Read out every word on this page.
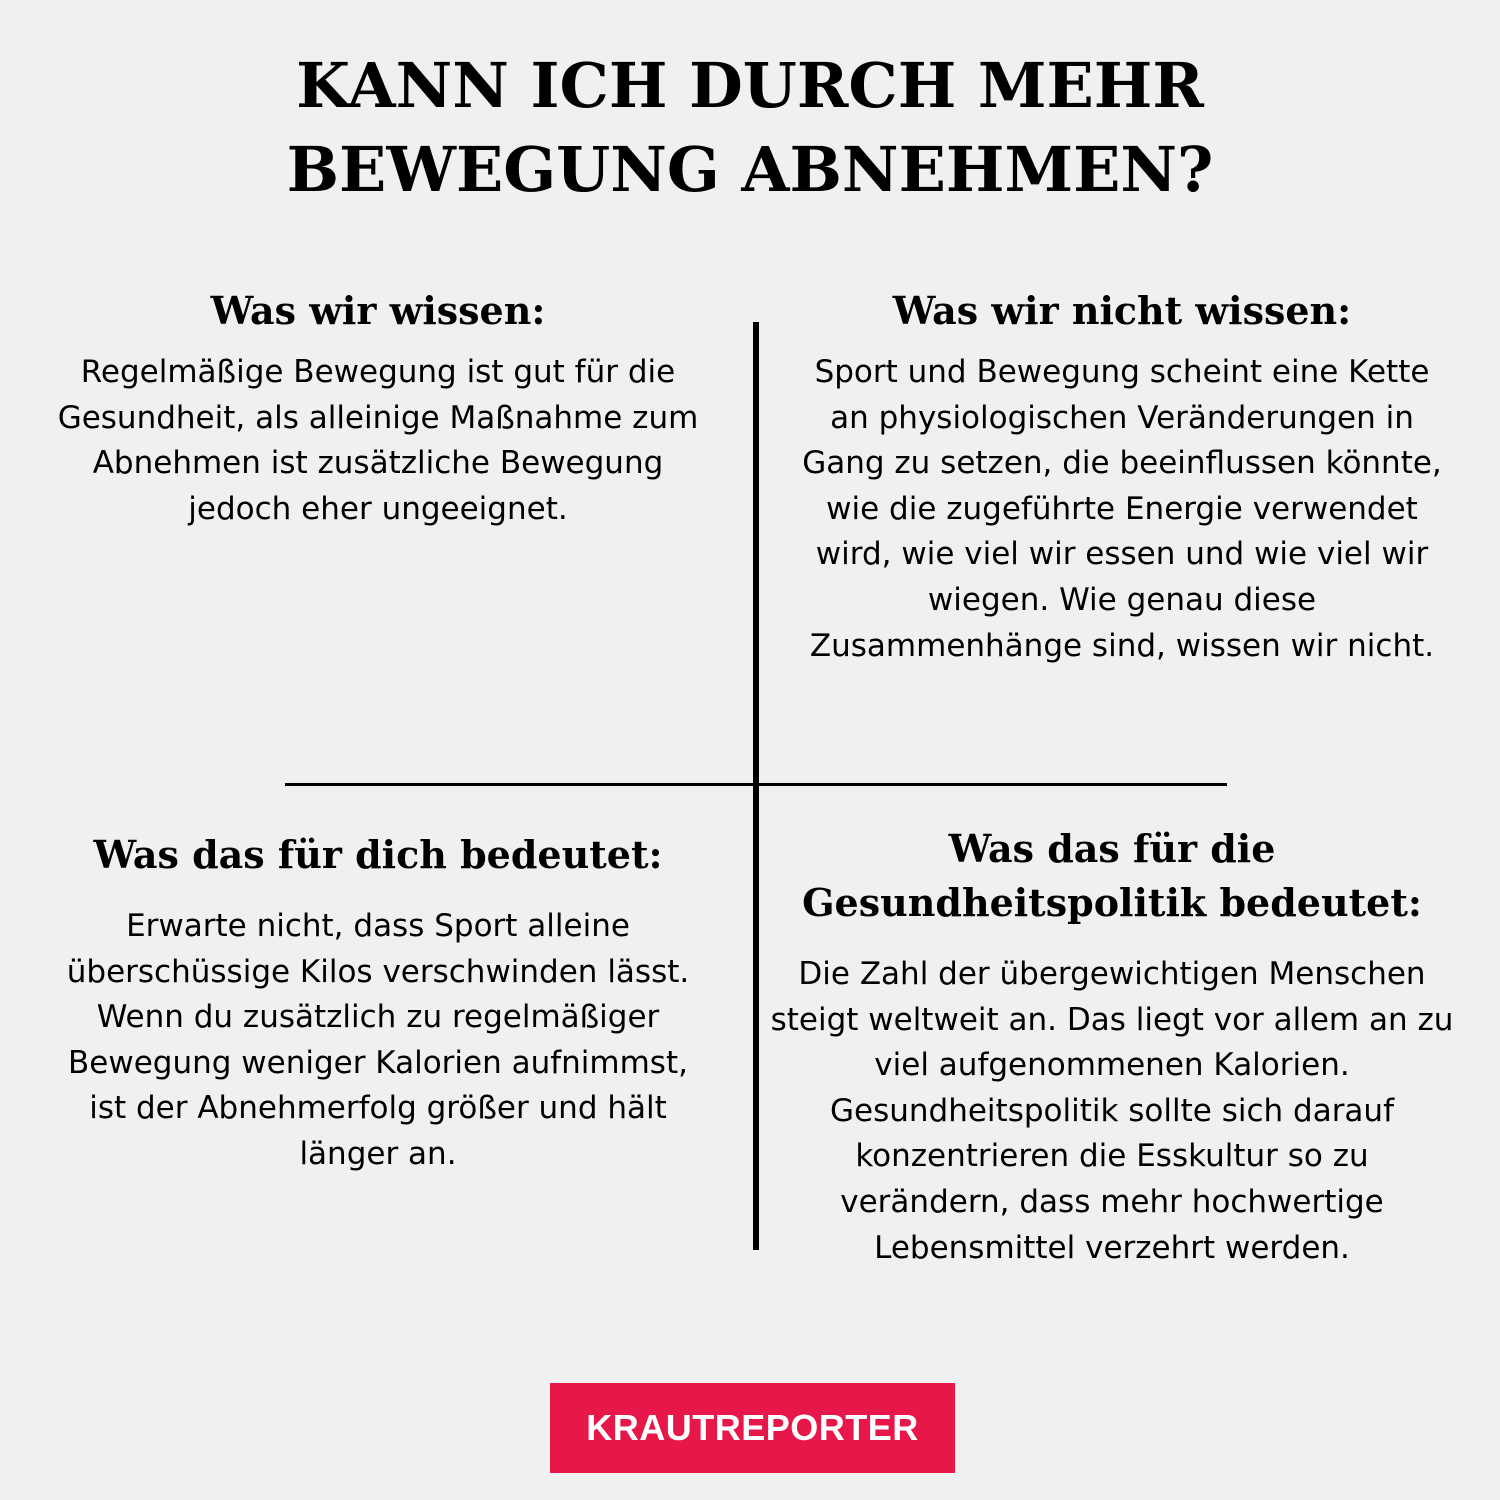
KANN ICH DURCH MEHR
BEWEGUNG ABNEHMEN?
Was wir wissen:

Regelmäßige Bewegung ist gut für die Gesundheit, als alleinige Maßnahme zum Abnehmen ist zusätzliche Bewegung jedoch eher ungeeignet.

Was wir nicht wissen:

Sport und Bewegung scheint eine Kette an physiologischen Veränderungen in Gang zu setzen, die beeinflussen könnte, wie die zugeführte Energie verwendet wird, wie viel wir essen und wie viel wir wiegen. Wie genau diese Zusammenhänge sind, wissen wir nicht.

Was das für dich bedeutet:

Erwarte nicht, dass Sport alleine überschüssige Kilos verschwinden lässt. Wenn du zusätzlich zu regelmäßiger Bewegung weniger Kalorien aufnimmst, ist der Abnehmerfolg größer und hält länger an.

Was das für die
Gesundheitspolitik bedeutet:

Die Zahl der übergewichtigen Menschen steigt weltweit an. Das liegt vor allem an zu viel aufgenommenen Kalorien. Gesundheitspolitik sollte sich darauf konzentrieren die Esskultur so zu verändern, dass mehr hochwertige Lebensmittel verzehrt werden.

KRAUTREPORTER
